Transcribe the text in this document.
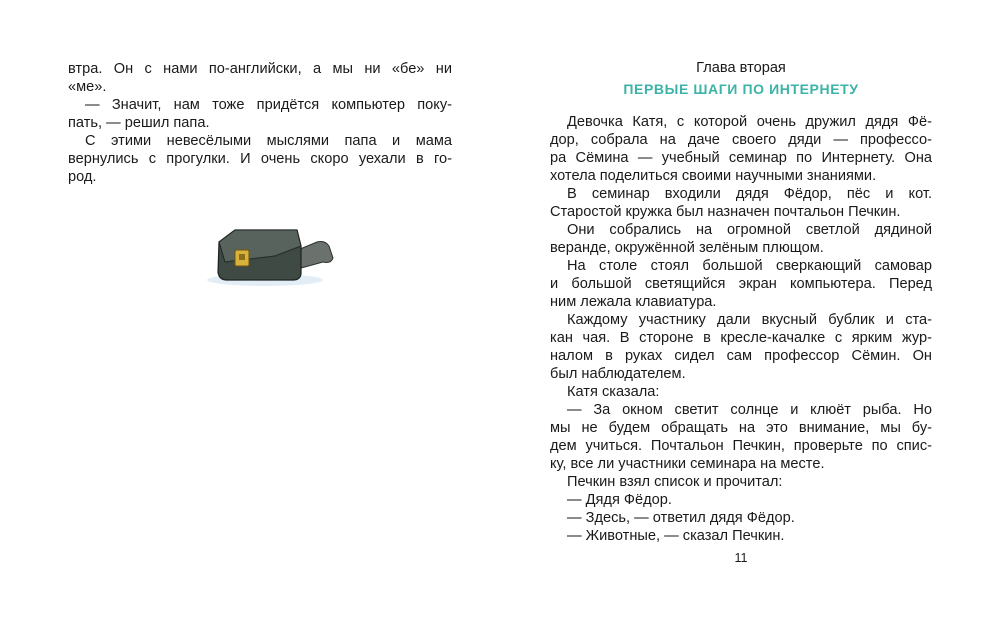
втра. Он с нами по-английски, а мы ни «бе» ни
«ме».
— Значит, нам тоже придётся компьютер поку-
пать, — решил папа.
С этими невесёлыми мыслями папа и мама
вернулись с прогулки. И очень скоро уехали в го-
род.
Глава вторая
ПЕРВЫЕ ШАГИ ПО ИНТЕРНЕТУ
Девочка Катя, с которой очень дружил дядя Фё-
дор, собрала на даче своего дяди — профессо-
ра Сёмина — учебный семинар по Интернету. Она
хотела поделиться своими научными знаниями.
В семинар входили дядя Фёдор, пёс и кот.
Старостой кружка был назначен почтальон Печкин.
Они собрались на огромной светлой дядиной
веранде, окружённой зелёным плющом.
На столе стоял большой сверкающий самовар
и большой светящийся экран компьютера. Перед
ним лежала клавиатура.
Каждому участнику дали вкусный бублик и ста-
кан чая. В стороне в кресле-качалке с ярким жур-
налом в руках сидел сам профессор Сёмин. Он
был наблюдателем.
Катя сказала:
— За окном светит солнце и клюёт рыба. Но
мы не будем обращать на это внимание, мы бу-
дем учиться. Почтальон Печкин, проверьте по спис-
ку, все ли участники семинара на месте.
Печкин взял список и прочитал:
— Дядя Фёдор.
— Здесь, — ответил дядя Фёдор.
— Животные, — сказал Печкин.
11
